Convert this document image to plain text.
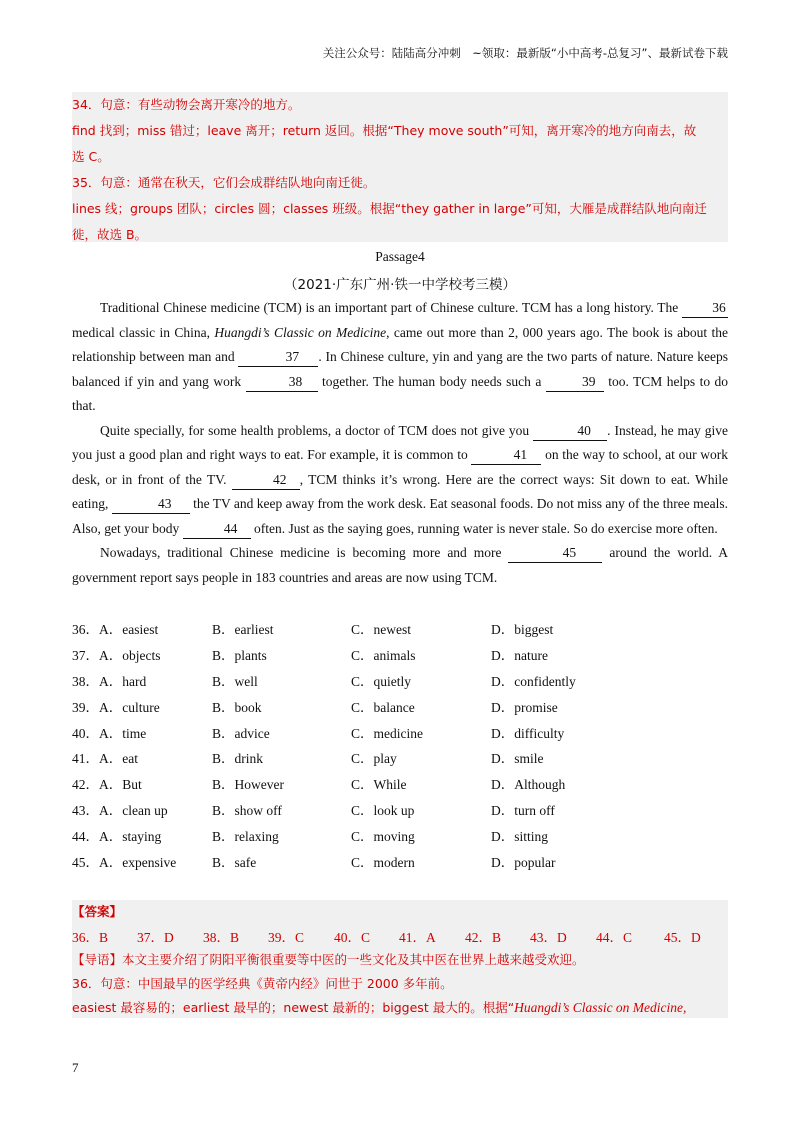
关注公众号：陆陆高分冲刺　~领取：最新版“小中高考-总复习”、最新试卷下载

34．句意：有些动物会离开寒冷的地方。

find 找到；miss 错过；leave 离开；return 返回。根据“They move south”可知，离开寒冷的地方向南去，故

选 C。

35．句意：通常在秋天，它们会成群结队地向南迁徙。

lines 线；groups 团队；circles 圆；classes 班级。根据“they gather in large”可知，大雁是成群结队地向南迁

徙，故选 B。

Passage4
（2021·广东广州·铁一中学校考三模）

Traditional Chinese medicine (TCM) is an important part of Chinese culture. TCM has a long history. The	36 medical classic in China, Huangdi’s Classic on Medicine, came out more than 2, 000 years ago. The book is about the relationship between man and	37 . In Chinese culture, yin and yang are the two parts of nature. Nature keeps balanced if yin and yang work	38 together. The human body needs such a	39 too. TCM helps to do that.

Quite specially, for some health problems, a doctor of TCM does not give you	40 . Instead, he may give you just a good plan and right ways to eat. For example, it is common to	41 on the way to school, at our work desk, or in front of the TV.	42 , TCM thinks it’s wrong. Here are the correct ways: Sit down to eat. While eating,	43 the TV and keep away from the work desk. Eat seasonal foods. Do not miss any of the three meals. Also, get your body	44 often. Just as the saying goes, running water is never stale. So do exercise more often.

Nowadays, traditional Chinese medicine is becoming more and more	45 around the world. A government report says people in 183 countries and areas are now using TCM.

36．A．easiest	B．earliest	C．newest	D．biggest
37．A．objects	B．plants	C．animals	D．nature
38．A．hard	B．well	C．quietly	D．confidently
39．A．culture	B．book	C．balance	D．promise
40．A．time	B．advice	C．medicine	D．difficulty
41．A．eat	B．drink	C．play	D．smile
42．A．But	B．However	C．While	D．Although
43．A．clean up	B．show off	C．look up	D．turn off
44．A．staying	B．relaxing	C．moving	D．sitting
45．A．expensive	B．safe	C．modern	D．popular
【答案】
36．B 37．D 38．B 39．C 40．C 41．A 42．B 43．D 44．C 45．D
【导语】本文主要介绍了阴阳平衡很重要等中医的一些文化及其中医在世界上越来越受欢迎。
36．句意：中国最早的医学经典《黄帝内经》问世于 2000 多年前。
easiest 最容易的；earliest 最早的；newest 最新的；biggest 最大的。根据“Huangdi’s Classic on Medicine,
7
